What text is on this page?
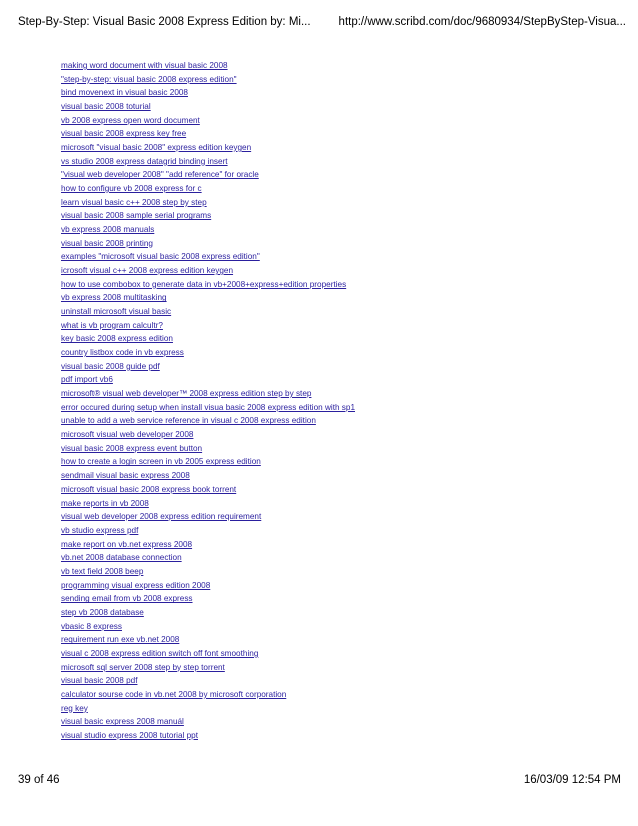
Step-By-Step: Visual Basic 2008 Express Edition by: Mi... http://www.scribd.com/doc/9680934/StepByStep-Visua...
making word document with visual basic 2008
"step-by-step: visual basic 2008 express edition"
bind movenext in visual basic 2008
visual basic 2008 toturial
vb 2008 express open word document
visual basic 2008 express key free
microsoft "visual basic 2008" express edition keygen
vs studio 2008 express datagrid binding insert
"visual web developer 2008" "add reference" for oracle
how to configure vb 2008 express for c
learn visual basic c++ 2008 step by step
visual basic 2008 sample serial programs
vb express 2008 manuals
visual basic 2008 printing
examples "microsoft visual basic 2008 express edition"
icrosoft visual c++ 2008 express edition keygen
how to use combobox to generate data in vb+2008+express+edition properties
vb express 2008 multitasking
uninstall microsoft visual basic
what is vb program calcultr?
key basic 2008 express edition
country listbox code in vb express
visual basic 2008 guide pdf
pdf import vb6
microsoft® visual web developer™ 2008 express edition step by step
error occured during setup when install visua basic 2008 express edition with sp1
unable to add a web service reference in visual c 2008 express edition
microsoft visual web developer 2008
visual basic 2008 express event button
how to create a login screen in vb 2005 express edition
sendmail visual basic express 2008
microsoft visual basic 2008 express book torrent
make reports in vb 2008
visual web developer 2008 express edition requirement
vb studio express pdf
make report on vb.net express 2008
vb.net 2008 database connection
vb text field 2008 beep
programming visual express edition 2008
sending email from vb 2008 express
step vb 2008 database
vbasic 8 express
requirement run exe vb.net 2008
visual c 2008 express edition switch off font smoothing
microsoft sql server 2008 step by step torrent
visual basic 2008 pdf
calculator sourse code in vb.net 2008 by microsoft corporation
reg key
visual basic express 2008 manuál
visual studio express 2008 tutorial ppt
39 of 46	16/03/09 12:54 PM
